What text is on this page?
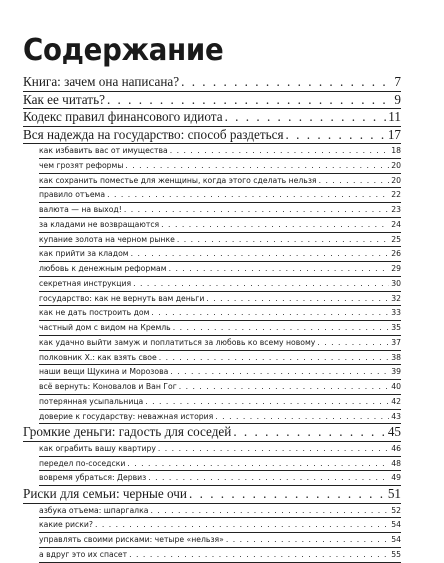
Содержание
Книга: зачем она написана? . . .	7
Как ее читать? . . .	9
Кодекс правил финансового идиота . . .	11
Вся надежда на государство: способ раздеться . . .	17
как избавить вас от имущества . . .	18
чем грозят реформы . . .	20
как сохранить поместье для женщины, когда этого сделать нельзя . . .	20
правило отъема . . .	22
валюта — на выход! . . .	23
за кладами не возвращаются . . .	24
купание золота на черном рынке . . .	25
как прийти за кладом . . .	26
любовь к денежным реформам . . .	29
секретная инструкция . . .	30
государство: как не вернуть вам деньги . . .	32
как не дать построить дом . . .	33
частный дом с видом на Кремль . . .	35
как удачно выйти замуж и поплатиться за любовь ко всему новому . . .	37
полковник Х.: как взять свое . . .	38
наши вещи Щукина и Морозова . . .	39
всё вернуть: Коновалов и Ван Гог . . .	40
потерянная усыпальница . . .	42
доверие к государству: неважная история . . .	43
Громкие деньги: гадость для соседей . . .	45
как ограбить вашу квартиру . . .	46
передел по-соседски . . .	48
вовремя убраться: Дервиз . . .	49
Риски для семьи: черные очи . . .	51
азбука отъема: шпаргалка . . .	52
какие риски? . . .	54
управлять своими рисками: четыре «нельзя» . . .	54
а вдруг это их спасет . . .	55
